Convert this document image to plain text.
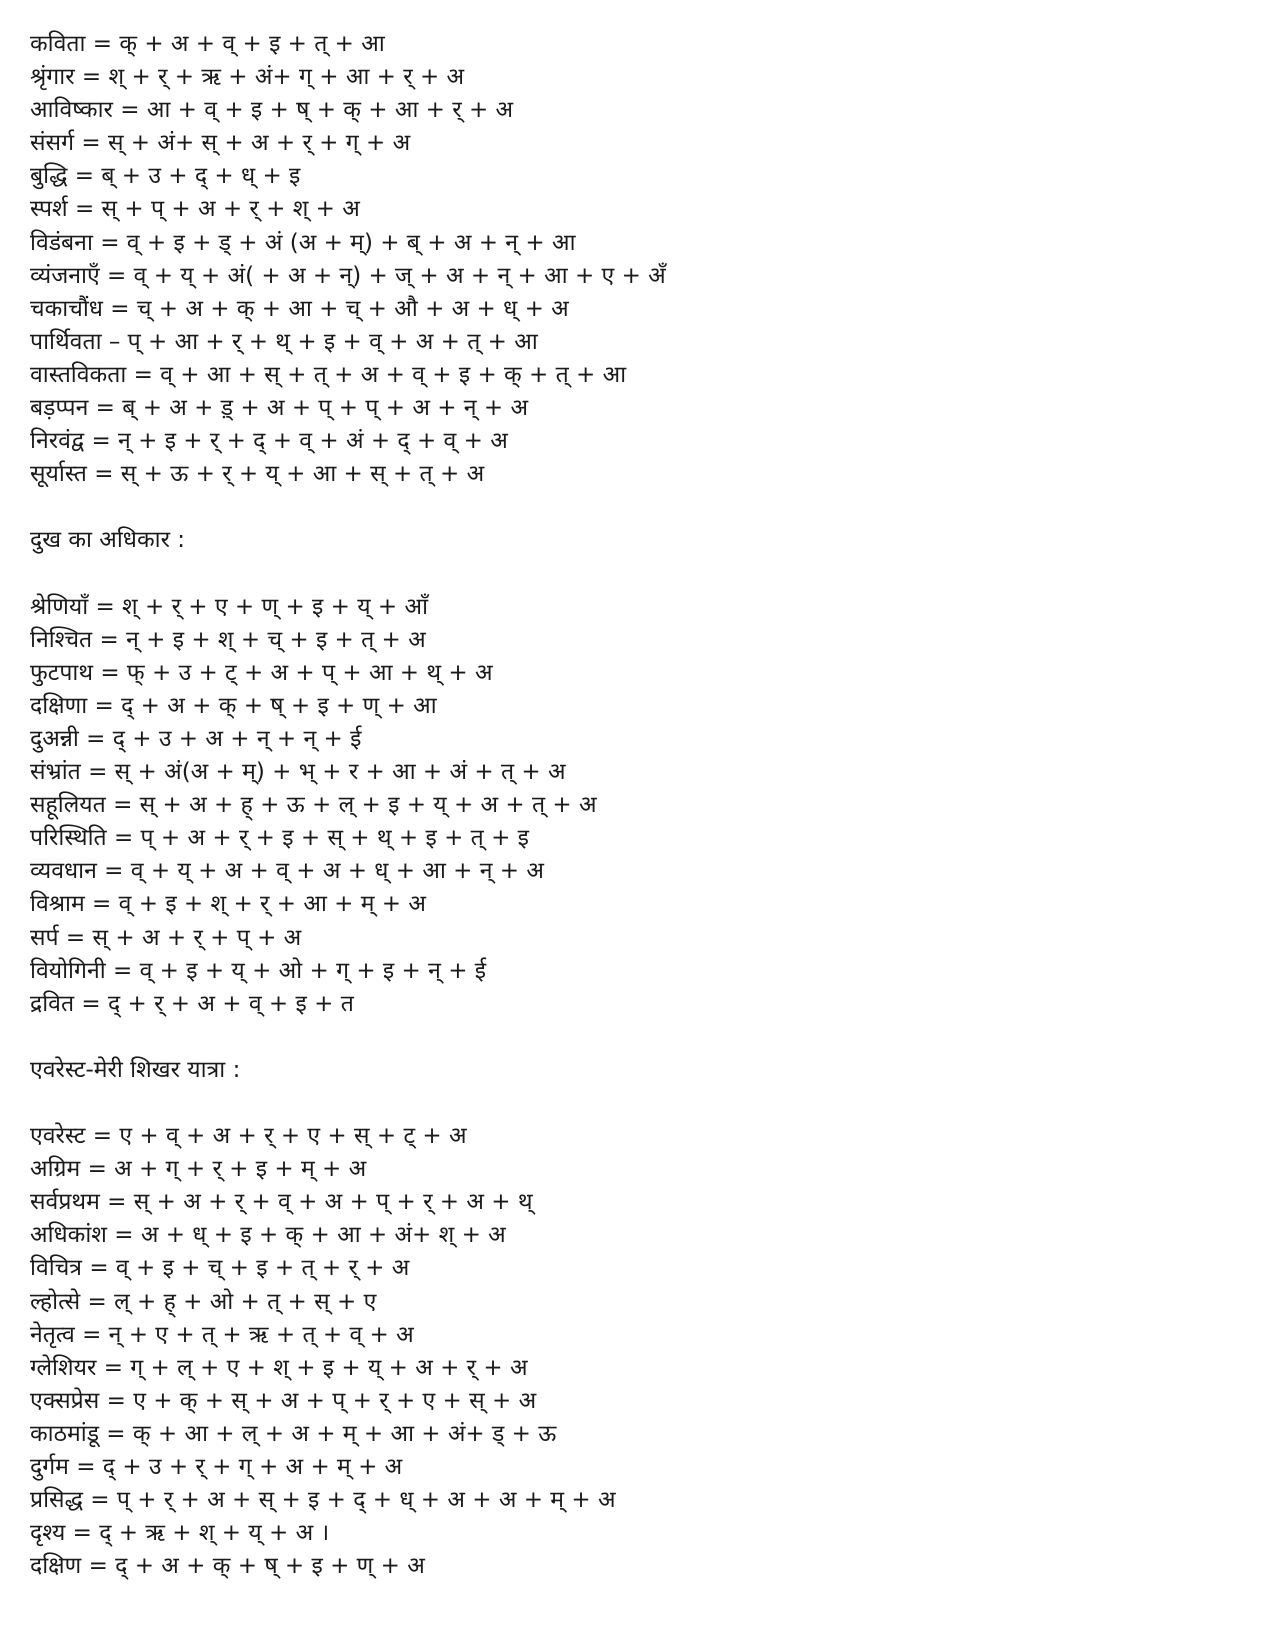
कविता = क् + अ + व् + इ + त् + आ
श्रृंगार = श् + र् + ऋ + अं+ ग् + आ + र् + अ
आविष्कार = आ + व् + इ + ष् + क् + आ + र् + अ
संसर्ग = स् + अं+ स् + अ + र् + ग् + अ
बुद्धि = ब् + उ + द् + ध् + इ
स्पर्श = स् + प् + अ + र् + श् + अ
विडंबना = व् + इ + ड् + अं (अ + म्) + ब् + अ + न् + आ
व्यंजनाएँ = व् + य् + अं( + अ + न्) + ज् + अ + न् + आ + ए + अँ
चकाचौंध = च् + अ + क् + आ + च् + औ + अ + ध् + अ
पार्थिवता – प् + आ + र् + थ् + इ + व् + अ + त् + आ
वास्तविकता = व् + आ + स् + त् + अ + व् + इ + क् + त् + आ
बड़प्पन = ब् + अ + ड़् + अ + प् + प् + अ + न् + अ
निरवंद्व = न् + इ + र् + द् + व् + अं + द् + व् + अ
सूर्यास्त = स् + ऊ + र् + य् + आ + स् + त् + अ
दुख का अधिकार :
श्रेणियाँ = श् + र् + ए + ण् + इ + य् + आँ
निश्चित = न् + इ + श् + च् + इ + त् + अ
फुटपाथ = फ् + उ + ट् + अ + प् + आ + थ् + अ
दक्षिणा = द् + अ + क् + ष् + इ + ण् + आ
दुअन्नी = द् + उ + अ + न् + न् + ई
संभ्रांत = स् + अं(अ + म्) + भ् + र + आ + अं + त् + अ
सहूलियत = स् + अ + ह् + ऊ + ल् + इ + य् + अ + त् + अ
परिस्थिति = प् + अ + र् + इ + स् + थ् + इ + त् + इ
व्यवधान = व् + य् + अ + व् + अ + ध् + आ + न् + अ
विश्राम = व् + इ + श् + र् + आ + म् + अ
सर्प = स् + अ + र् + प् + अ
वियोगिनी = व् + इ + य् + ओ + ग् + इ + न् + ई
द्रवित = द् + र् + अ + व् + इ + त
एवरेस्ट-मेरी शिखर यात्रा :
एवरेस्ट = ए + व् + अ + र् + ए + स् + ट् + अ
अग्रिम = अ + ग् + र् + इ + म् + अ
सर्वप्रथम = स् + अ + र् + व् + अ + प् + र् + अ + थ्
अधिकांश = अ + ध् + इ + क् + आ + अं+ श् + अ
विचित्र = व् + इ + च् + इ + त् + र् + अ
ल्होत्से = ल् + ह् + ओ + त् + स् + ए
नेतृत्व = न् + ए + त् + ऋ + त् + व् + अ
ग्लेशियर = ग् + ल् + ए + श् + इ + य् + अ + र् + अ
एक्सप्रेस = ए + क् + स् + अ + प् + र् + ए + स् + अ
काठमांडू = क् + आ + ल् + अ + म् + आ + अं+ ड् + ऊ
दुर्गम = द् + उ + र् + ग् + अ + म् + अ
प्रसिद्ध = प् + र् + अ + स् + इ + द् + ध् + अ + अ + म् + अ
दृश्य = द् + ऋ + श् + य् + अ ।
दक्षिण = द् + अ + क् + ष् + इ + ण् + अ
